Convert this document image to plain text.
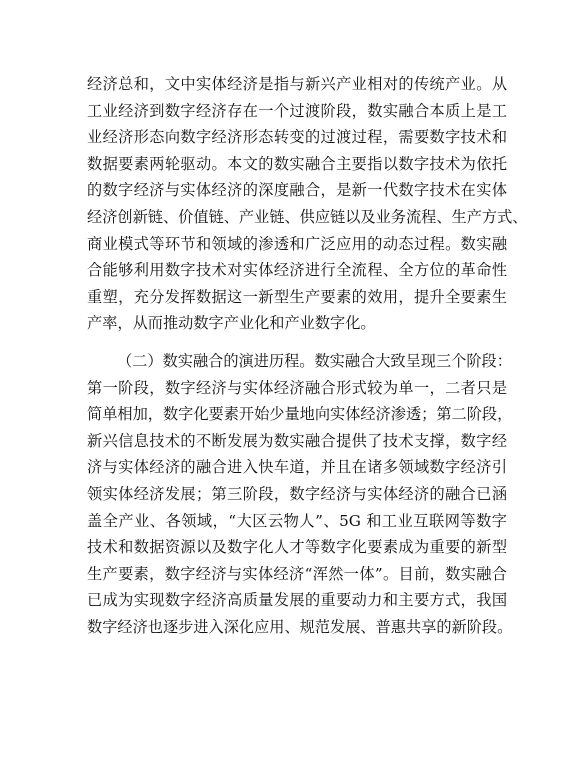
经济总和，文中实体经济是指与新兴产业相对的传统产业。从
工业经济到数字经济存在一个过渡阶段，数实融合本质上是工
业经济形态向数字经济形态转变的过渡过程，需要数字技术和
数据要素两轮驱动。本文的数实融合主要指以数字技术为依托
的数字经济与实体经济的深度融合，是新一代数字技术在实体
经济创新链、价值链、产业链、供应链以及业务流程、生产方式、
商业模式等环节和领域的渗透和广泛应用的动态过程。数实融
合能够利用数字技术对实体经济进行全流程、全方位的革命性
重塑，充分发挥数据这一新型生产要素的效用，提升全要素生
产率，从而推动数字产业化和产业数字化。
（二）数实融合的演进历程。数实融合大致呈现三个阶段：
第一阶段，数字经济与实体经济融合形式较为单一，二者只是
简单相加，数字化要素开始少量地向实体经济渗透；第二阶段，
新兴信息技术的不断发展为数实融合提供了技术支撑，数字经
济与实体经济的融合进入快车道，并且在诸多领域数字经济引
领实体经济发展；第三阶段，数字经济与实体经济的融合已涵
盖全产业、各领域，“大区云物人”、5G 和工业互联网等数字
技术和数据资源以及数字化人才等数字化要素成为重要的新型
生产要素，数字经济与实体经济“浑然一体”。目前，数实融合
已成为实现数字经济高质量发展的重要动力和主要方式，我国
数字经济也逐步进入深化应用、规范发展、普惠共享的新阶段。
